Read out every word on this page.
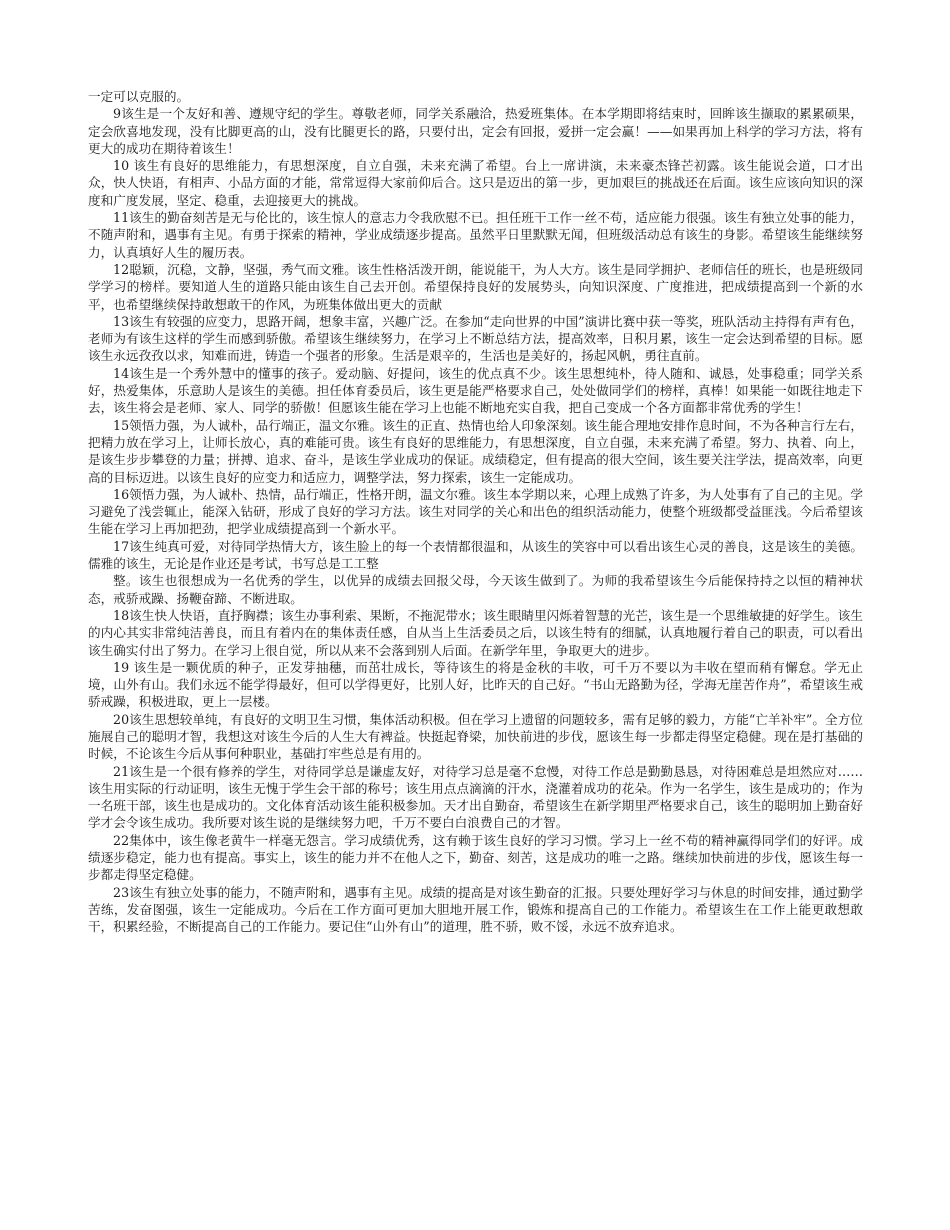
一定可以克服的。

9该生是一个友好和善、遵规守纪的学生。尊敬老师，同学关系融洽，热爱班集体。在本学期即将结束时，回眸该生撷取的累累硕果，定会欣喜地发现，没有比脚更高的山，没有比腿更长的路，只要付出，定会有回报，爱拼一定会赢！——如果再加上科学的学习方法，将有更大的成功在期待着该生！

10 该生有良好的思维能力，有思想深度，自立自强，未来充满了希望。台上一席讲演，未来豪杰锋芒初露。该生能说会道，口才出众，快人快语，有相声、小品方面的才能，常常逗得大家前仰后合。这只是迈出的第一步，更加艰巨的挑战还在后面。该生应该向知识的深度和广度发展，坚定、稳重，去迎接更大的挑战。

11该生的勤奋刻苦是无与伦比的，该生惊人的意志力令我欣慰不已。担任班干工作一丝不苟，适应能力很强。该生有独立处事的能力，不随声附和，遇事有主见。有勇于探索的精神，学业成绩逐步提高。虽然平日里默默无闻，但班级活动总有该生的身影。希望该生能继续努力，认真填好人生的履历表。

12聪颖，沉稳，文静，坚强，秀气而文雅。该生性格活泼开朗，能说能干，为人大方。该生是同学拥护、老师信任的班长，也是班级同学学习的榜样。要知道人生的道路只能由该生自己去开创。希望保持良好的发展势头，向知识深度、广度推进，把成绩提高到一个新的水平，也希望继续保持敢想敢干的作风，为班集体做出更大的贡献

13该生有较强的应变力，思路开阔，想象丰富，兴趣广泛。在参加“走向世界的中国”演讲比赛中获一等奖，班队活动主持得有声有色，老师为有该生这样的学生而感到骄傲。希望该生继续努力，在学习上不断总结方法，提高效率，日积月累，该生一定会达到希望的目标。愿该生永远孜孜以求，知难而进，铸造一个强者的形象。生活是艰辛的，生活也是美好的，扬起风帆，勇往直前。

14该生是一个秀外慧中的懂事的孩子。爱动脑、好提问，该生的优点真不少。该生思想纯朴，待人随和、诚恳，处事稳重；同学关系好，热爱集体，乐意助人是该生的美德。担任体育委员后，该生更是能严格要求自己，处处做同学们的榜样，真棒！如果能一如既往地走下去，该生将会是老师、家人、同学的骄傲！但愿该生能在学习上也能不断地充实自我，把自己变成一个各方面都非常优秀的学生！

15领悟力强，为人诚朴，品行端正，温文尔雅。该生的正直、热情也给人印象深刻。该生能合理地安排作息时间，不为各种言行左右，把精力放在学习上，让师长放心，真的难能可贵。该生有良好的思维能力，有思想深度，自立自强，未来充满了希望。努力、执着、向上，是该生步步攀登的力量；拼搏、追求、奋斗，是该生学业成功的保证。成绩稳定，但有提高的很大空间，该生要关注学法，提高效率，向更高的目标迈进。以该生良好的应变力和适应力，调整学法，努力探索，该生一定能成功。

16领悟力强，为人诚朴、热情，品行端正，性格开朗，温文尔雅。该生本学期以来，心理上成熟了许多，为人处事有了自己的主见。学习避免了浅尝辄止，能深入钻研，形成了良好的学习方法。该生对同学的关心和出色的组织活动能力，使整个班级都受益匪浅。今后希望该生能在学习上再加把劲，把学业成绩提高到一个新水平。

17该生纯真可爱，对待同学热情大方，该生脸上的每一个表情都很温和，从该生的笑容中可以看出该生心灵的善良，这是该生的美德。儒雅的该生，无论是作业还是考试，书写总是工工整

整。该生也很想成为一名优秀的学生，以优异的成绩去回报父母，今天该生做到了。为师的我希望该生今后能保持持之以恒的精神状态，戒骄戒躁、扬鞭奋蹄、不断进取。

18该生快人快语，直抒胸襟；该生办事利索、果断，不拖泥带水；该生眼睛里闪烁着智慧的光芒，该生是一个思维敏捷的好学生。该生的内心其实非常纯洁善良，而且有着内在的集体责任感，自从当上生活委员之后，以该生特有的细腻，认真地履行着自己的职责，可以看出该生确实付出了努力。在学习上很自觉，所以从来不会落到别人后面。在新学年里，争取更大的进步。

19 该生是一颗优质的种子，正发芽抽穗，而茁壮成长，等待该生的将是金秋的丰收，可千万不要以为丰收在望而稍有懈怠。学无止境，山外有山。我们永远不能学得最好，但可以学得更好，比别人好，比昨天的自己好。“书山无路勤为径，学海无崖苦作舟”，希望该生戒骄戒躁，积极进取，更上一层楼。

20该生思想较单纯，有良好的文明卫生习惯，集体活动积极。但在学习上遗留的问题较多，需有足够的毅力，方能“亡羊补牢”。全方位施展自己的聪明才智，我想这对该生今后的人生大有裨益。快挺起脊梁，加快前进的步伐，愿该生每一步都走得坚定稳健。现在是打基础的时候，不论该生今后从事何种职业，基础打牢些总是有用的。

21该生是一个很有修养的学生，对待同学总是谦虚友好，对待学习总是毫不怠慢，对待工作总是勤勤恳恳，对待困难总是坦然应对……该生用实际的行动证明，该生无愧于学生会干部的称号；该生用点点滴滴的汗水，浇灌着成功的花朵。作为一名学生，该生是成功的；作为一名班干部，该生也是成功的。文化体育活动该生能积极参加。天才出自勤奋，希望该生在新学期里严格要求自己，该生的聪明加上勤奋好学才会令该生成功。我所要对该生说的是继续努力吧，千万不要白白浪费自己的才智。

22集体中，该生像老黄牛一样毫无怨言。学习成绩优秀，这有赖于该生良好的学习习惯。学习上一丝不苟的精神赢得同学们的好评。成绩逐步稳定，能力也有提高。事实上，该生的能力并不在他人之下，勤奋、刻苦，这是成功的唯一之路。继续加快前进的步伐，愿该生每一步都走得坚定稳健。

23该生有独立处事的能力，不随声附和，遇事有主见。成绩的提高是对该生勤奋的汇报。只要处理好学习与休息的时间安排，通过勤学苦练，发奋图强，该生一定能成功。今后在工作方面可更加大胆地开展工作，锻炼和提高自己的工作能力。希望该生在工作上能更敢想敢干，积累经验，不断提高自己的工作能力。要记住“山外有山”的道理，胜不骄，败不馁，永远不放弃追求。
